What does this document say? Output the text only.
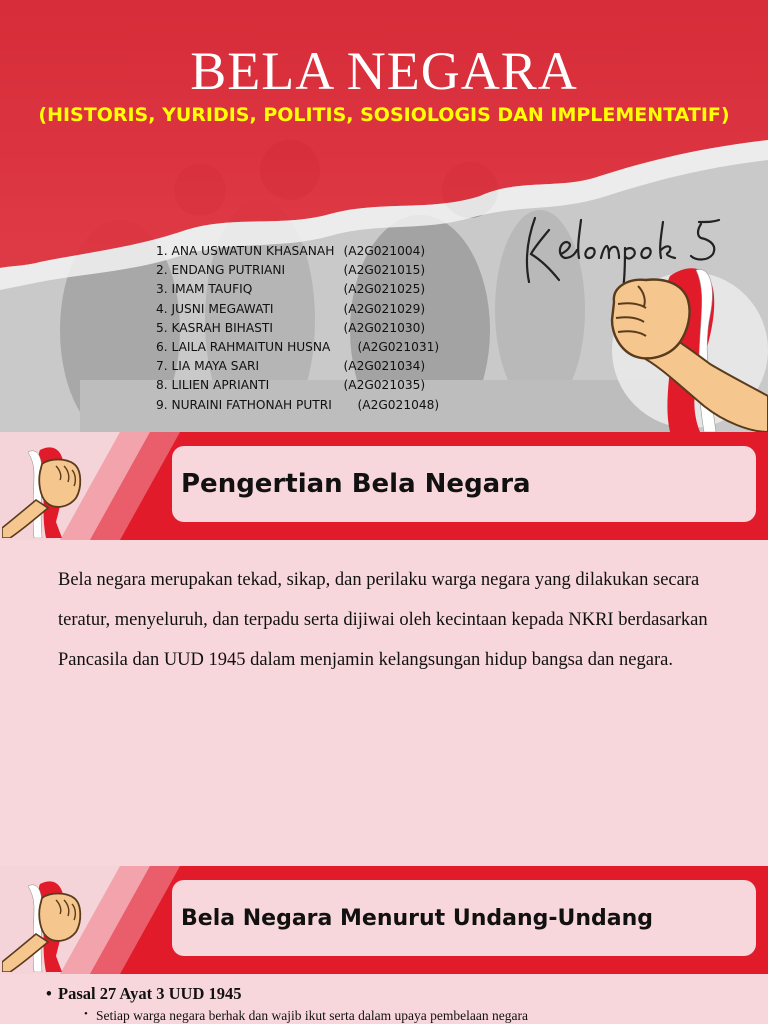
BELA NEGARA

(HISTORIS, YURIDIS, POLITIS, SOSIOLOGIS DAN IMPLEMENTATIF)

1. ANA USWATUN KHASANAH (A2G021004)
2. ENDANG PUTRIANI	(A2G021015)
3. IMAM TAUFIQ	(A2G021025)
4. JUSNI MEGAWATI	(A2G021029)
5. KASRAH BIHASTI	(A2G021030)
6. LAILA RAHMAITUN HUSNA (A2G021031)
7. LIA MAYA SARI	(A2G021034)
8. LILIEN APRIANTI	(A2G021035)
9. NURAINI FATHONAH PUTRI (A2G021048)
Pengertian Bela Negara

Bela negara merupakan tekad, sikap, dan perilaku warga negara yang dilakukan secara teratur, menyeluruh, dan terpadu serta dijiwai oleh kecintaan kepada NKRI berdasarkan Pancasila dan UUD 1945 dalam menjamin kelangsungan hidup bangsa dan negara.

Bela Negara Menurut Undang-Undang

• Pasal 27 Ayat 3 UUD 1945

• Setiap warga negara berhak dan wajib ikut serta dalam upaya pembelaan negara
